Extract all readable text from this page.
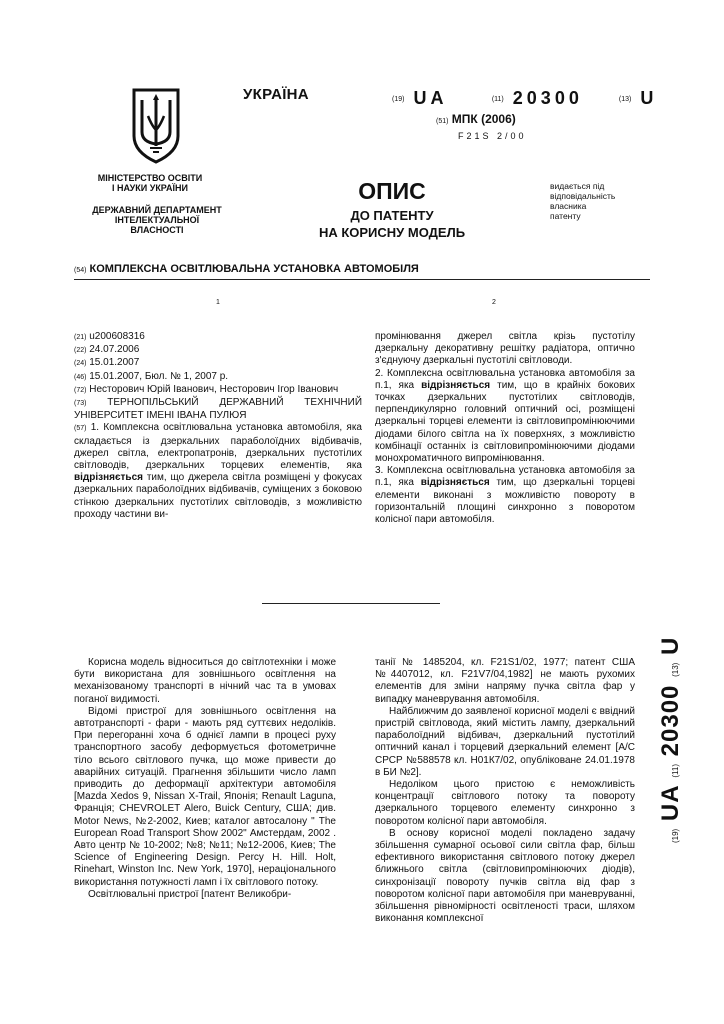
УКРАЇНА	(19) UA	(11) 20300	(13) U
(51) МПК (2006)
F21S 2/00
МІНІСТЕРСТВО ОСВІТИ
І НАУКИ УКРАЇНИ
ДЕРЖАВНИЙ ДЕПАРТАМЕНТ
ІНТЕЛЕКТУАЛЬНОЇ
ВЛАСНОСТІ
ОПИС
ДО ПАТЕНТУ
НА КОРИСНУ МОДЕЛЬ
видається під
відповідальність
власника
патенту
(54) КОМПЛЕКСНА ОСВІТЛЮВАЛЬНА УСТАНОВКА АВТОМОБІЛЯ
1	2

(21) u200608316

(22) 24.07.2006

(24) 15.01.2007

(46) 15.01.2007, Бюл. № 1, 2007 р.

(72) Несторович Юрій Іванович, Несторович Ігор Іванович

(73) ТЕРНОПІЛЬСЬКИЙ ДЕРЖАВНИЙ ТЕХНІЧНИЙ УНІВЕРСИТЕТ ІМЕНІ ІВАНА ПУЛЮЯ

(57) 1. Комплексна освітлювальна установка автомобіля, яка складається із дзеркальних параболоїдних відбивачів, джерел світла, електропатронів, дзеркальних пустотілих світловодів, дзеркальних торцевих елементів, яка відрізняється тим, що джерела світла розміщені у фокусах дзеркальних параболоїдних відбивачів, суміщених з боковою стінкою дзеркальних пустотілих світловодів, з можливістю проходу частини ви-

промінювання джерел світла крізь пустотілу дзеркальну декоративну решітку радіатора, оптично з'єднуючу дзеркальні пустотілі світловоди.

2. Комплексна освітлювальна установка автомобіля за п.1, яка відрізняється тим, що в крайніх бокових точках дзеркальних пустотілих світловодів, перпендикулярно головний оптичний осі, розміщені дзеркальні торцеві елементи із світловипромінюючими діодами білого світла на їх поверхнях, з можливістю комбінації останніх із світловипромінюючими діодами монохроматичного випромінювання.

3. Комплексна освітлювальна установка автомобіля за п.1, яка відрізняється тим, що дзеркальні торцеві елементи виконані з можливістю повороту в горизонтальній площині синхронно з поворотом колісної пари автомобіля.

Корисна модель відноситься до світлотехніки і може бути використана для зовнішнього освітлення на механізованому транспорті в нічний час та в умовах поганої видимості.

Відомі пристрої для зовнішнього освітлення на автотранспорті - фари - мають ряд суттєвих недоліків. При перегоранні хоча б однієї лампи в процесі руху транспортного засобу деформується фотометричне тіло всього світлового пучка, що може привести до аварійних ситуацій. Прагнення збільшити число ламп приводить до деформації архітектури автомобіля [Mazda Xedos 9, Nissan X-Trail, Японія; Renault Laguna, Франція; CHEVROLET Alero, Buick Century, США; див. Motor News, №2-2002, Киев; каталог автосалону " The European Road Transport Show 2002" Амстердам, 2002 . Авто центр № 10-2002; №8; №11; №12-2006, Киев; The Science of Engineering Design. Percy H. Hill. Holt, Rinehart, Winston Inc. New York, 1970], нераціонального використання потужності ламп і їх світлового потоку.

Освітлювальні пристрої [патент Великобри-

танії № 1485204, кл. F21S1/02, 1977; патент США №4407012, кл. F21V7/04,1982] не мають рухомих елементів для зміни напряму пучка світла фар у випадку маневрування автомобіля.

Найближчим до заявленої корисної моделі є ввідний пристрій світловода, який містить лампу, дзеркальний параболоїдний відбивач, дзеркальний пустотілий оптичний канал і торцевий дзеркальний елемент [А/С СРСР №588578 кл. Н01К7/02, опубліковане 24.01.1978 в БИ №2].

Недоліком цього пристою є неможливість концентрації світлового потоку та повороту дзеркального торцевого елементу синхронно з поворотом колісної пари автомобіля.

В основу корисної моделі покладено задачу збільшення сумарної осьової сили світла фар, більш ефективного використання світлового потоку джерел ближнього світла (світловипромінюючих діодів), синхронізації повороту пучків світла від фар з поворотом колісної пари автомобіля при маневруванні, збільшення рівномірності освітленості траси, шляхом виконання комплексної

(19) UA (11) 20300 (13) U
